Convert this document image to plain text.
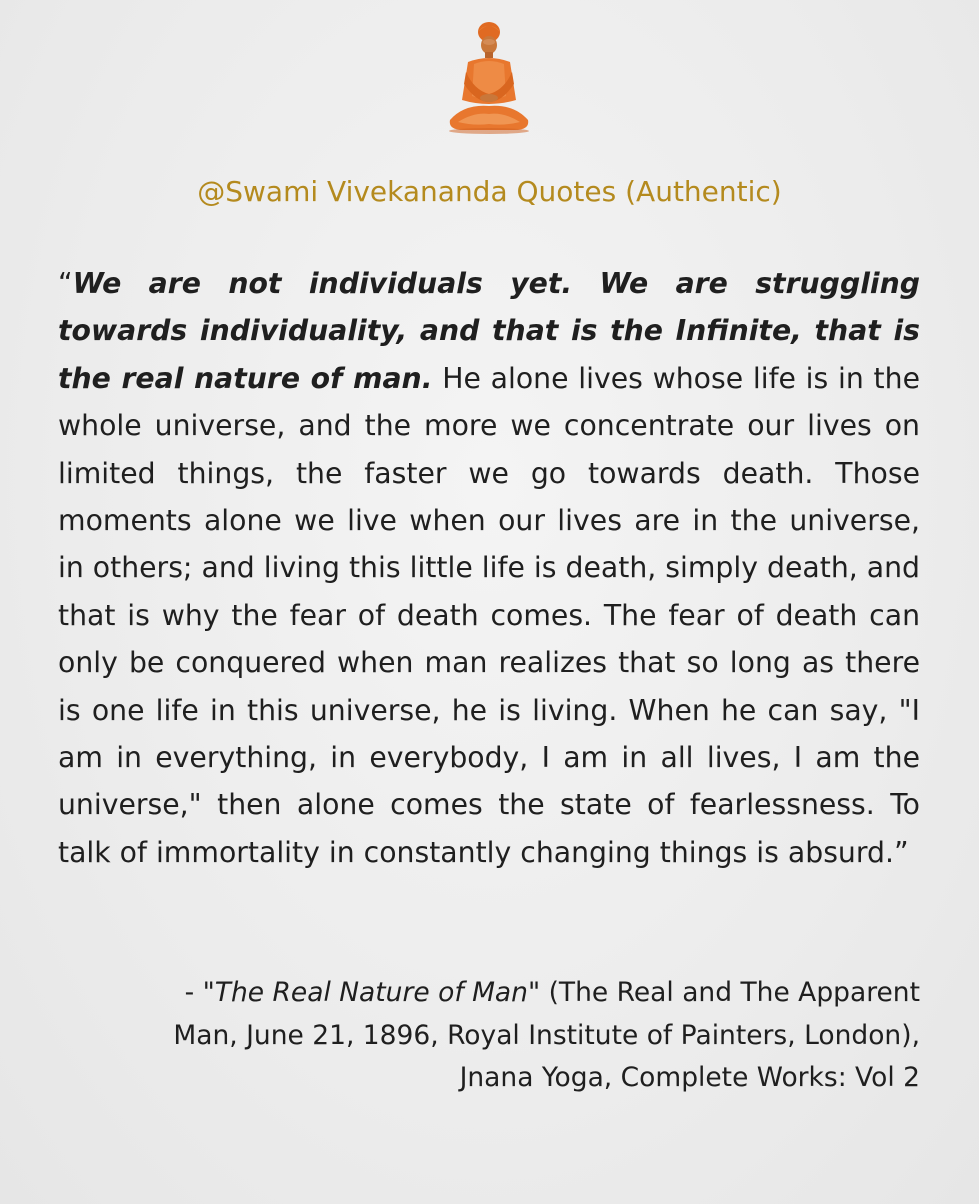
@Swami Vivekananda Quotes (Authentic)

“We are not individuals yet. We are struggling towards individuality, and that is the Infinite, that is the real nature of man. He alone lives whose life is in the whole universe, and the more we concentrate our lives on limited things, the faster we go towards death. Those moments alone we live when our lives are in the universe, in others; and living this little life is death, simply death, and that is why the fear of death comes. The fear of death can only be conquered when man realizes that so long as there is one life in this universe, he is living. When he can say, "I am in everything, in everybody, I am in all lives, I am the universe," then alone comes the state of fearlessness. To talk of immortality in constantly changing things is absurd.”

- "The Real Nature of Man" (The Real and The Apparent Man, June 21, 1896, Royal Institute of Painters, London), Jnana Yoga, Complete Works: Vol 2
